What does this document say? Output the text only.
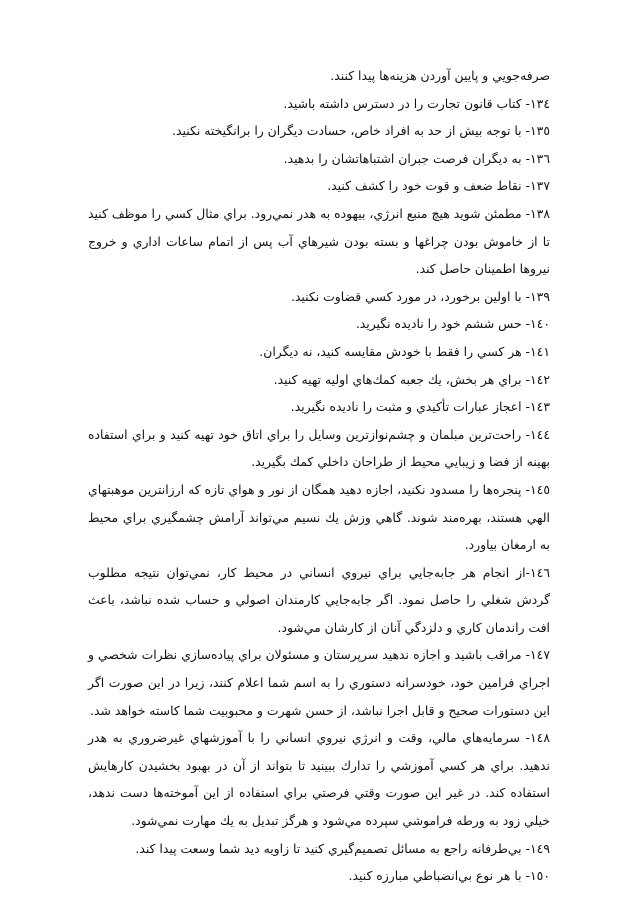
صرفه‌جويي و پايين آوردن هزينه‌ها پيدا كنند.

١٣٤- كتاب قانون تجارت را در دسترس داشته باشيد.

١٣٥- با توجه بيش از حد به افراد خاص، حسادت ديگران را برانگيخته نكنيد.

١٣٦- به ديگران فرصت جبران اشتباهاتشان را بدهيد.

١٣٧- نقاط ضعف و قوت خود را كشف كنيد.

١٣٨- مطمئن شويد هيچ منبع انرژي، بيهوده به هدر نمي‌رود. براي مثال كسي را موظف كنيد تا از خاموش بودن چراغها و بسته بودن شيرهاي آب پس از اتمام ساعات اداري و خروج نيروها اطمينان حاصل كند.

١٣٩- با اولين برخورد، در مورد كسي قضاوت نكنيد.

١٤٠- حس ششم خود را ناديده نگيريد.

١٤١- هر كسي را فقط با خودش مقايسه كنيد، نه ديگران.

١٤٢- براي هر بخش، يك جعبه كمك‌هاي اوليه تهيه كنيد.

١٤٣- اعجاز عبارات تأكيدي و مثبت را ناديده نگيريد.

١٤٤- راحت‌ترين مبلمان و چشم‌نوازترين وسايل را براي اتاق خود تهيه كنيد و براي استفاده بهينه از فضا و زيبايي محيط از طراحان داخلي كمك بگيريد.

١٤٥- پنجره‌ها را مسدود نكنيد، اجازه دهيد همگان از نور و هواي تازه كه ارزانترين موهبتهاي الهي هستند، بهره‌مند شوند. گاهي وزش يك نسيم مي‌تواند آرامش چشمگيري براي محيط به ارمغان بياورد.

١٤٦-از انجام هر جابه‌جايي براي نيروي انساني در محيط كار، نمي‌توان نتيجه مطلوب گردش شغلي را حاصل نمود. اگر جابه‌جايي كارمندان اصولي و حساب شده نباشد، باعث افت راندمان كاري و دلزدگي آنان از كارشان مي‌شود.

١٤٧- مراقب باشيد و اجازه ندهيد سرپرستان و مسئولان براي پياده‌سازي نظرات شخصي و اجراي فرامين خود، خودسرانه دستوري را به اسم شما اعلام كنند، زيرا در اين صورت اگر اين دستورات صحيح و قابل اجرا نباشد، از حسن شهرت و محبوبيت شما كاسته خواهد شد.

١٤٨- سرمايه‌هاي مالي، وقت و انرژي نيروي انساني را با آموزشهاي غيرضروري به هدر ندهيد. براي هر كسي آموزشي را تدارك ببينيد تا بتواند از آن در بهبود بخشيدن كارهايش استفاده كند. در غير اين صورت وقتي فرصتي براي استفاده از اين آموخته‌ها دست ندهد، خيلي زود به ورطه فراموشي سپرده مي‌شود و هرگز تبديل به يك مهارت نمي‌شود.

١٤٩- بي‌طرفانه راجع به مسائل تصميم‌گيري كنيد تا زاويه ديد شما وسعت پيدا كند.

١٥٠- با هر نوع بي‌انضباطي مبارزه كنيد.
